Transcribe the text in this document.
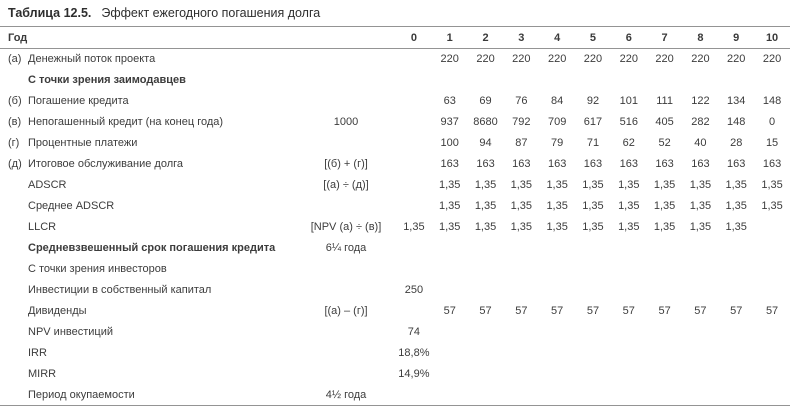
Таблица 12.5. Эффект ежегодного погашения долга
Год			0	1	2	3	4	5	6	7	8	9	10
(а)	Денежный поток проекта			220	220	220	220	220	220	220	220	220	220
	С точки зрения заимодавцев												
(б)	Погашение кредита			63	69	76	84	92	101	111	122	134	148
(в)	Непогашенный кредит (на конец года)	1000		937	8680	792	709	617	516	405	282	148	0
(г)	Процентные платежи			100	94	87	79	71	62	52	40	28	15
(д)	Итоговое обслуживание долга	[(б) + (г)]		163	163	163	163	163	163	163	163	163	163
	ADSCR	[(а) ÷ (д)]		1,35	1,35	1,35	1,35	1,35	1,35	1,35	1,35	1,35	1,35
	Среднее ADSCR			1,35	1,35	1,35	1,35	1,35	1,35	1,35	1,35	1,35	1,35
	LLCR	[NPV (а) ÷ (в)]	1,35	1,35	1,35	1,35	1,35	1,35	1,35	1,35	1,35	1,35	
	Средневзвешенный срок погашения кредита	6¼ года											
	С точки зрения инвесторов												
	Инвестиции в собственный капитал		250										
	Дивиденды	[(а) – (г)]		57	57	57	57	57	57	57	57	57	57
	NPV инвестиций		74										
	IRR		18,8%										
	MIRR		14,9%										
	Период окупаемости	4½ года											
